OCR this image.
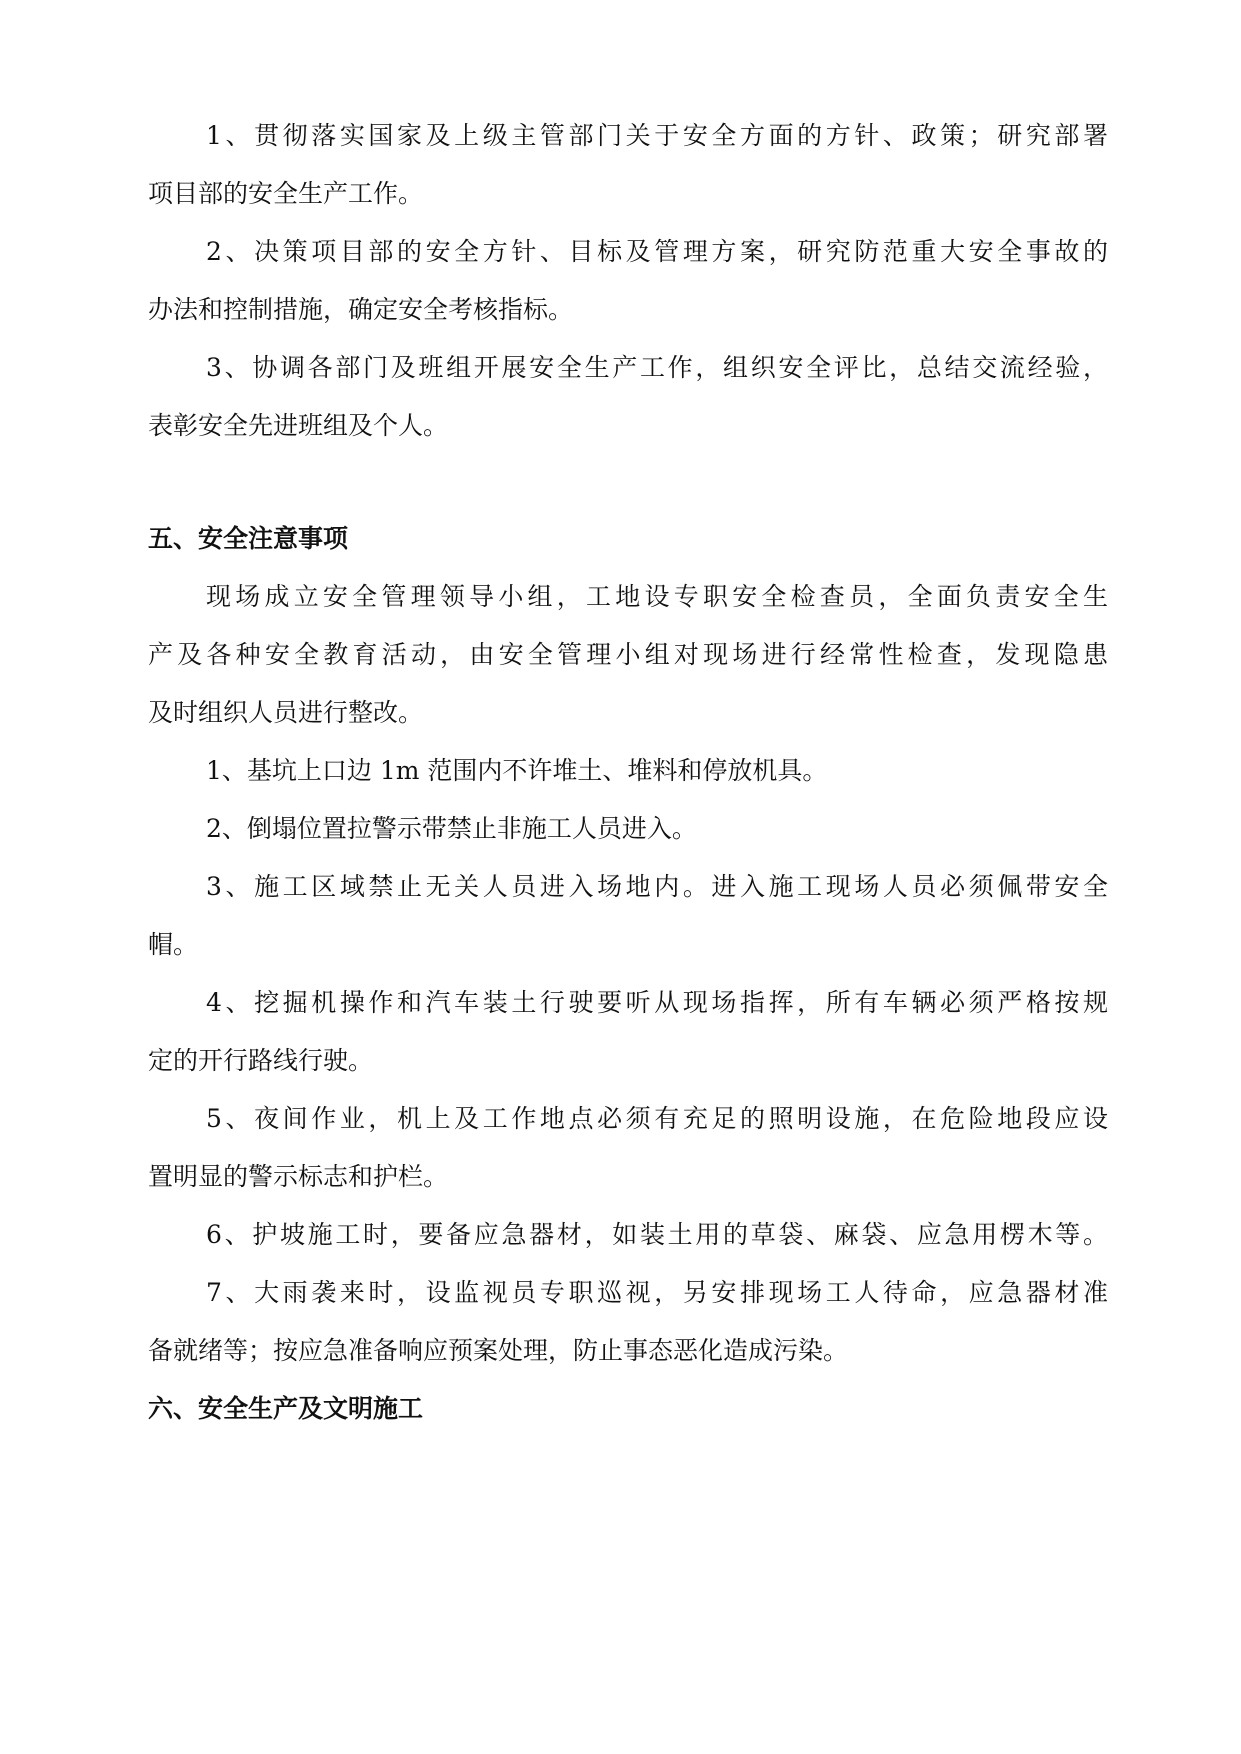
1、贯彻落实国家及上级主管部门关于安全方面的方针、政策；研究部署
项目部的安全生产工作。
2、决策项目部的安全方针、目标及管理方案，研究防范重大安全事故的
办法和控制措施，确定安全考核指标。
3、协调各部门及班组开展安全生产工作，组织安全评比，总结交流经验，
表彰安全先进班组及个人。
五、安全注意事项
现场成立安全管理领导小组，工地设专职安全检查员，全面负责安全生
产及各种安全教育活动，由安全管理小组对现场进行经常性检查，发现隐患
及时组织人员进行整改。
1、基坑上口边 1m 范围内不许堆土、堆料和停放机具。
2、倒塌位置拉警示带禁止非施工人员进入。
3、施工区域禁止无关人员进入场地内。进入施工现场人员必须佩带安全
帽。
4、挖掘机操作和汽车装土行驶要听从现场指挥，所有车辆必须严格按规
定的开行路线行驶。
5、夜间作业，机上及工作地点必须有充足的照明设施，在危险地段应设
置明显的警示标志和护栏。
6、护坡施工时，要备应急器材，如装土用的草袋、麻袋、应急用楞木等。
7、大雨袭来时，设监视员专职巡视，另安排现场工人待命，应急器材准
备就绪等；按应急准备响应预案处理，防止事态恶化造成污染。
六、安全生产及文明施工
